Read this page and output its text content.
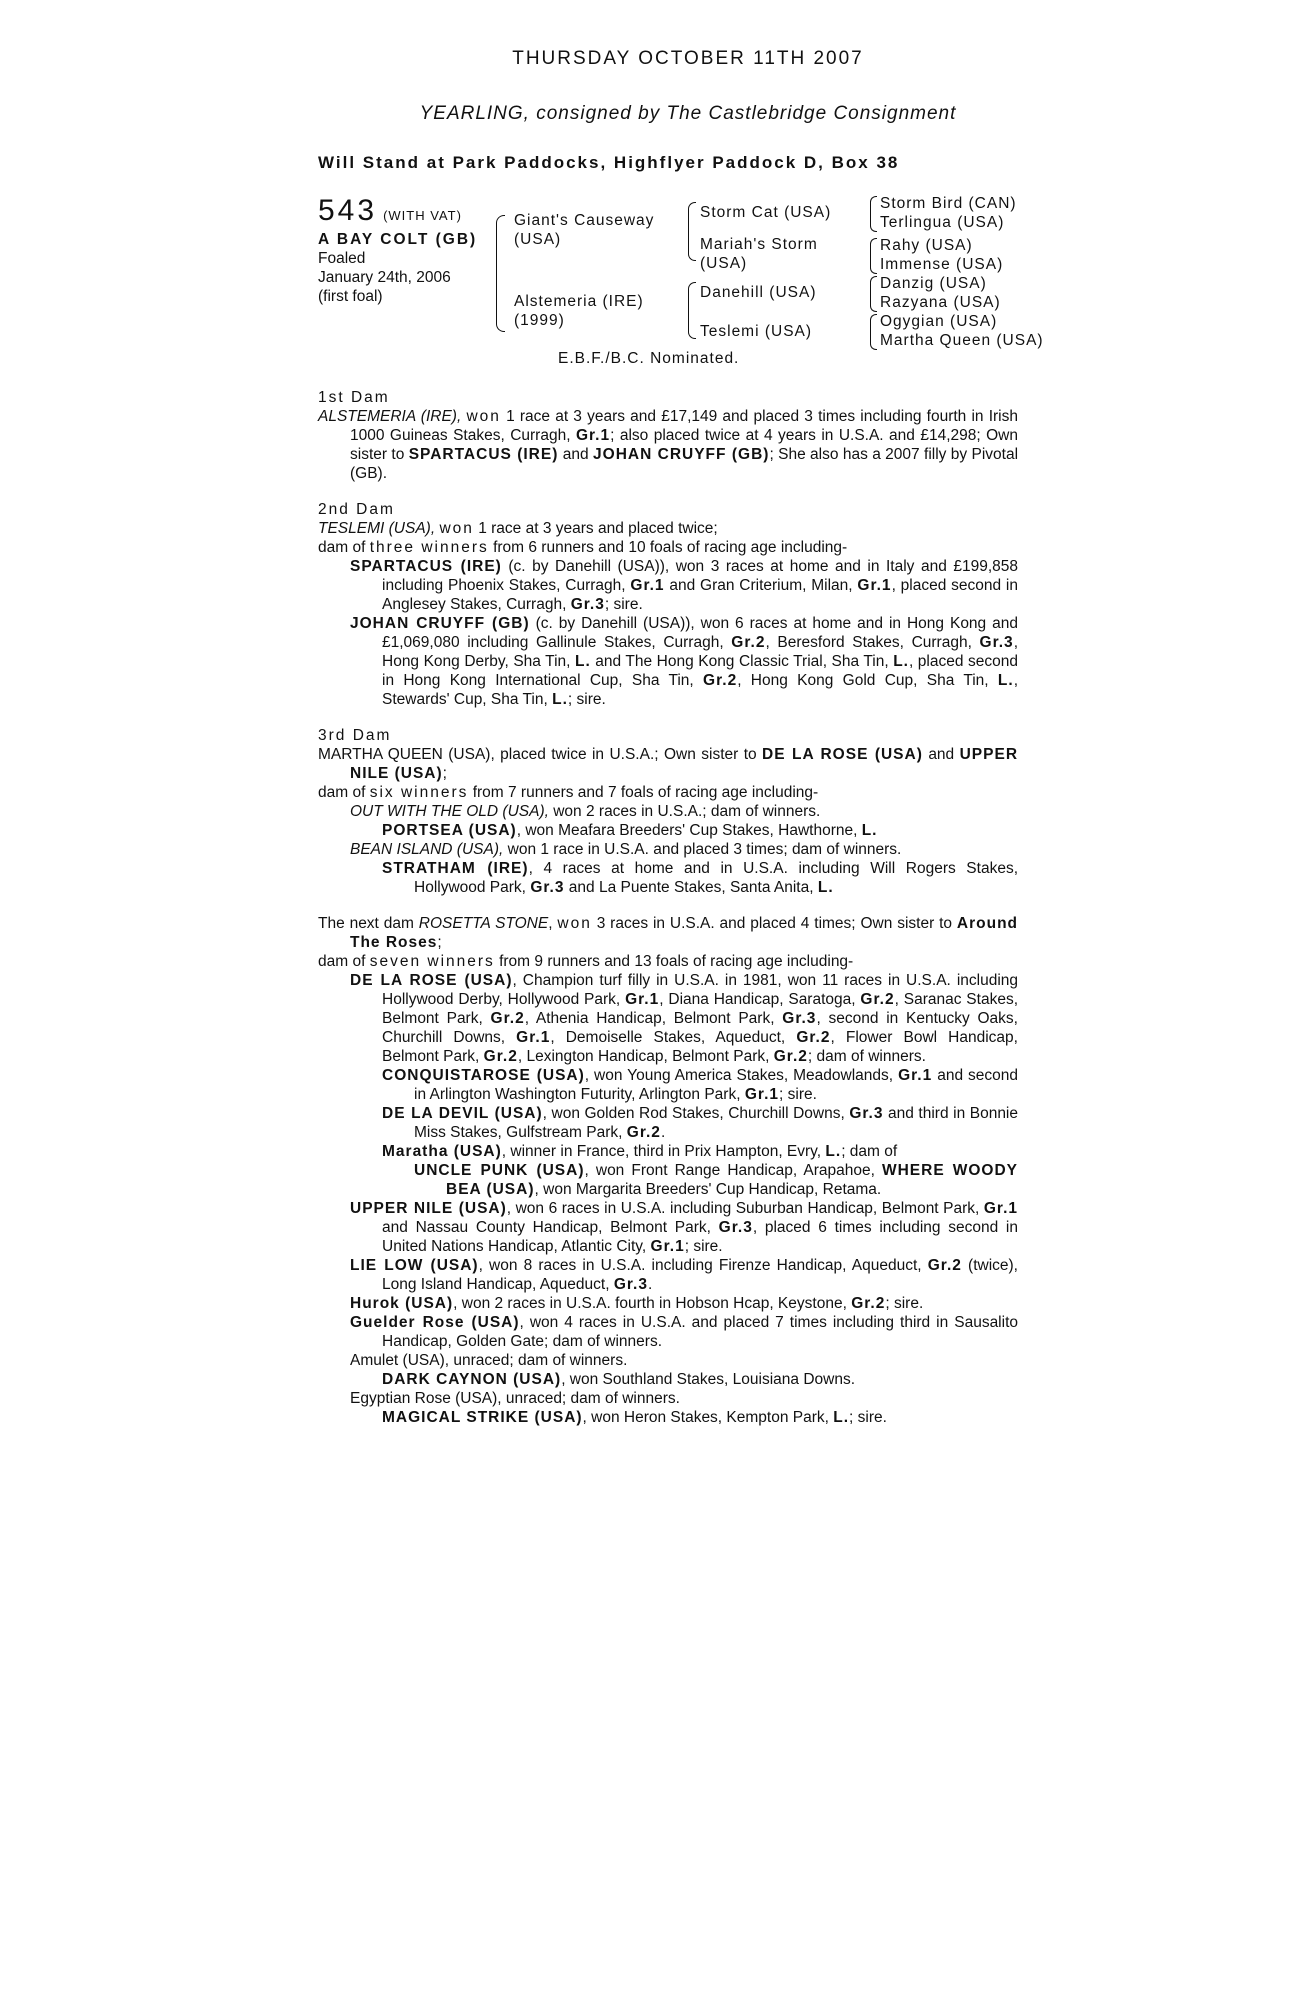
THURSDAY OCTOBER 11TH 2007
YEARLING, consigned by The Castlebridge Consignment
Will Stand at Park Paddocks, Highflyer Paddock D, Box 38
543 (WITH VAT)
A BAY COLT (GB)
Foaled
January 24th, 2006
(first foal)
Giant's Causeway
(USA)
Alstemeria (IRE)
(1999)
Storm Cat (USA)
Mariah's Storm
(USA)
Danehill (USA)
Teslemi (USA)
Storm Bird (CAN)
Terlingua (USA)
Rahy (USA)
Immense (USA)
Danzig (USA)
Razyana (USA)
Ogygian (USA)
Martha Queen (USA)
E.B.F./B.C. Nominated.
1st Dam
ALSTEMERIA (IRE), won 1 race at 3 years and £17,149 and placed 3 times including fourth in Irish 1000 Guineas Stakes, Curragh, Gr.1; also placed twice at 4 years in U.S.A. and £14,298; Own sister to SPARTACUS (IRE) and JOHAN CRUYFF (GB); She also has a 2007 filly by Pivotal (GB).
2nd Dam
TESLEMI (USA), won 1 race at 3 years and placed twice;
dam of three winners from 6 runners and 10 foals of racing age including-
SPARTACUS (IRE) (c. by Danehill (USA)), won 3 races at home and in Italy and £199,858 including Phoenix Stakes, Curragh, Gr.1 and Gran Criterium, Milan, Gr.1, placed second in Anglesey Stakes, Curragh, Gr.3; sire.
JOHAN CRUYFF (GB) (c. by Danehill (USA)), won 6 races at home and in Hong Kong and £1,069,080 including Gallinule Stakes, Curragh, Gr.2, Beresford Stakes, Curragh, Gr.3, Hong Kong Derby, Sha Tin, L. and The Hong Kong Classic Trial, Sha Tin, L., placed second in Hong Kong International Cup, Sha Tin, Gr.2, Hong Kong Gold Cup, Sha Tin, L., Stewards' Cup, Sha Tin, L.; sire.
3rd Dam
MARTHA QUEEN (USA), placed twice in U.S.A.; Own sister to DE LA ROSE (USA) and UPPER NILE (USA);
dam of six winners from 7 runners and 7 foals of racing age including-
OUT WITH THE OLD (USA), won 2 races in U.S.A.; dam of winners.
PORTSEA (USA), won Meafara Breeders' Cup Stakes, Hawthorne, L.
BEAN ISLAND (USA), won 1 race in U.S.A. and placed 3 times; dam of winners.
STRATHAM (IRE), 4 races at home and in U.S.A. including Will Rogers Stakes, Hollywood Park, Gr.3 and La Puente Stakes, Santa Anita, L.
The next dam ROSETTA STONE, won 3 races in U.S.A. and placed 4 times; Own sister to Around The Roses;
dam of seven winners from 9 runners and 13 foals of racing age including-
DE LA ROSE (USA), Champion turf filly in U.S.A. in 1981, won 11 races in U.S.A. including Hollywood Derby, Hollywood Park, Gr.1, Diana Handicap, Saratoga, Gr.2, Saranac Stakes, Belmont Park, Gr.2, Athenia Handicap, Belmont Park, Gr.3, second in Kentucky Oaks, Churchill Downs, Gr.1, Demoiselle Stakes, Aqueduct, Gr.2, Flower Bowl Handicap, Belmont Park, Gr.2, Lexington Handicap, Belmont Park, Gr.2; dam of winners.
CONQUISTAROSE (USA), won Young America Stakes, Meadowlands, Gr.1 and second in Arlington Washington Futurity, Arlington Park, Gr.1; sire.
DE LA DEVIL (USA), won Golden Rod Stakes, Churchill Downs, Gr.3 and third in Bonnie Miss Stakes, Gulfstream Park, Gr.2.
Maratha (USA), winner in France, third in Prix Hampton, Evry, L.; dam of
UNCLE PUNK (USA), won Front Range Handicap, Arapahoe, WHERE WOODY BEA (USA), won Margarita Breeders' Cup Handicap, Retama.
UPPER NILE (USA), won 6 races in U.S.A. including Suburban Handicap, Belmont Park, Gr.1 and Nassau County Handicap, Belmont Park, Gr.3, placed 6 times including second in United Nations Handicap, Atlantic City, Gr.1; sire.
LIE LOW (USA), won 8 races in U.S.A. including Firenze Handicap, Aqueduct, Gr.2 (twice), Long Island Handicap, Aqueduct, Gr.3.
Hurok (USA), won 2 races in U.S.A. fourth in Hobson Hcap, Keystone, Gr.2; sire.
Guelder Rose (USA), won 4 races in U.S.A. and placed 7 times including third in Sausalito Handicap, Golden Gate; dam of winners.
Amulet (USA), unraced; dam of winners.
DARK CAYNON (USA), won Southland Stakes, Louisiana Downs.
Egyptian Rose (USA), unraced; dam of winners.
MAGICAL STRIKE (USA), won Heron Stakes, Kempton Park, L.; sire.
